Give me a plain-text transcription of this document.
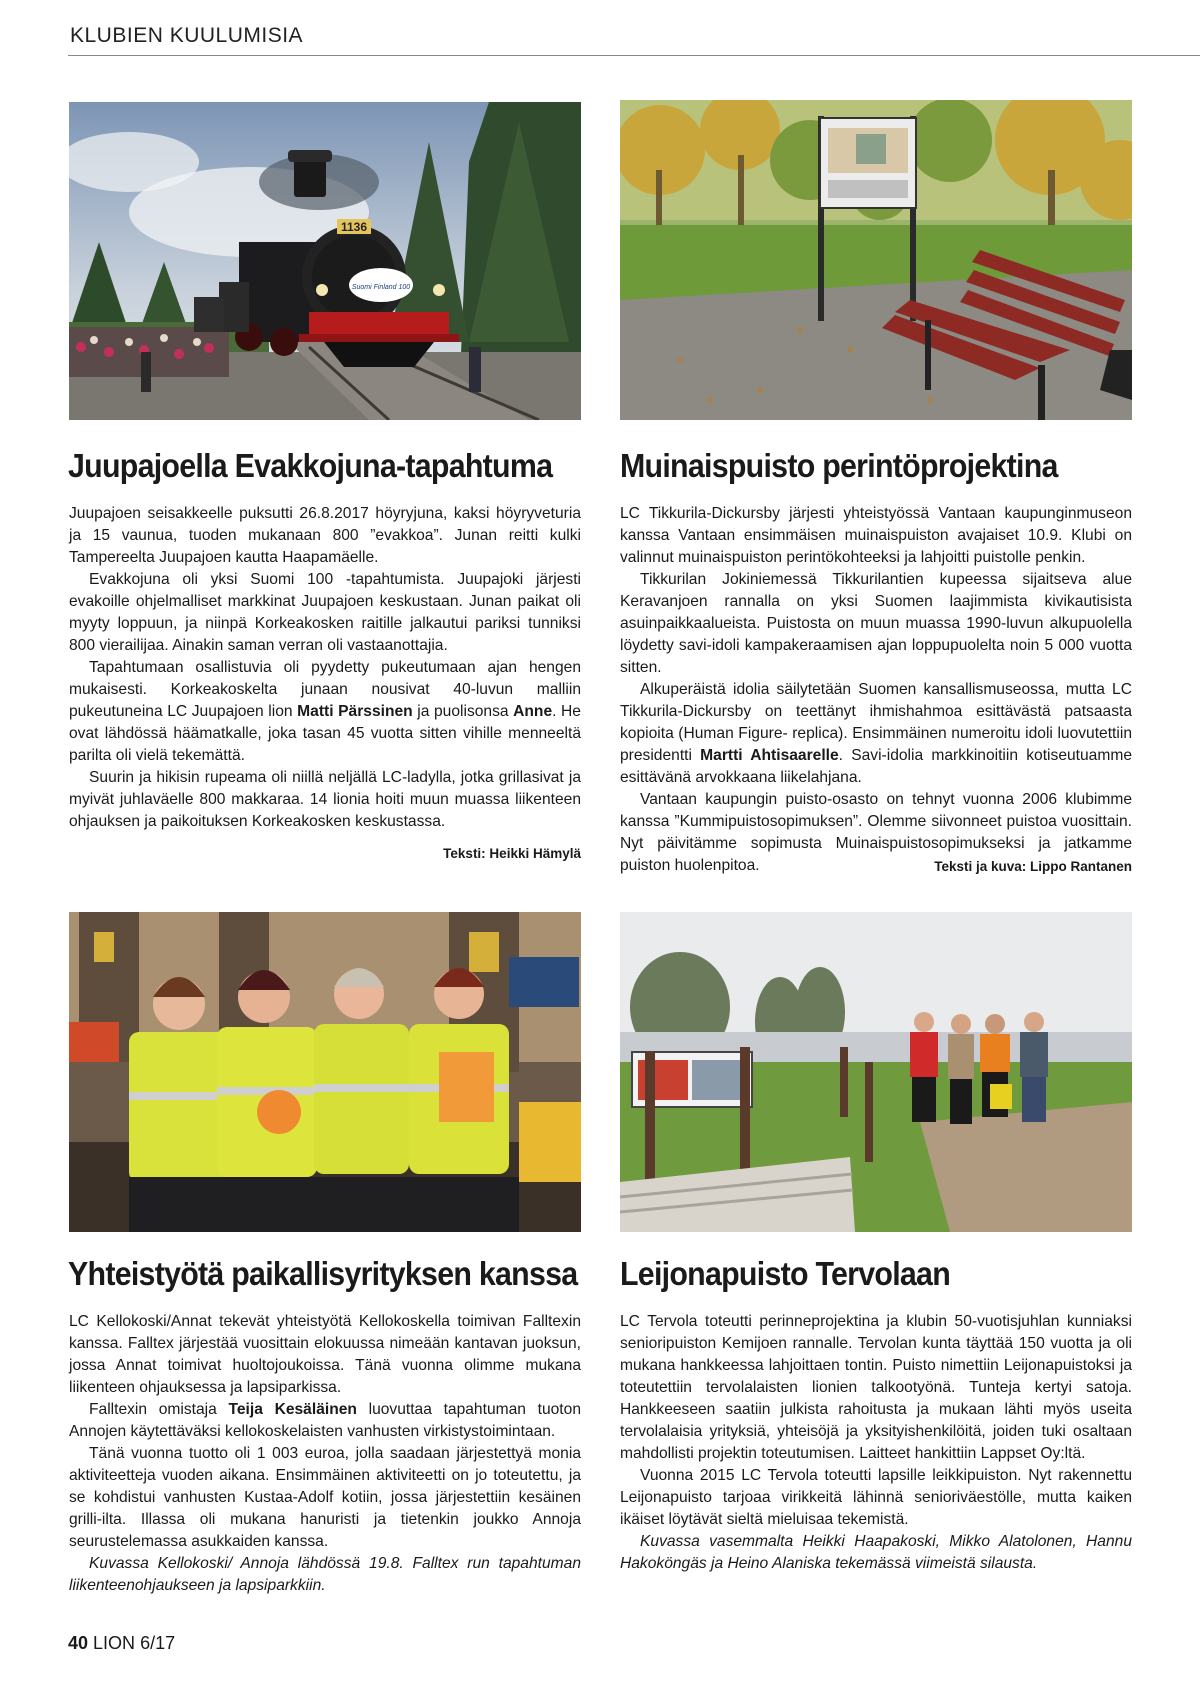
KLUBIEN KUULUMISIA
1136
Suomi Finland 100
Juupajoella Evakkojuna-tapahtuma

Juupajoen seisakkeelle puksutti 26.8.2017 höyryjuna, kaksi höyryveturia ja 15 vaunua, tuoden mukanaan 800 ”evakkoa”. Junan reitti kulki Tampereelta Juupajoen kautta Haapamäelle.

Evakkojuna oli yksi Suomi 100 -tapahtumista. Juupajoki järjesti evakoille ohjelmalliset markkinat Juupajoen keskustaan. Junan paikat oli myyty loppuun, ja niinpä Korkeakosken raitille jalkautui pariksi tunniksi 800 vierailijaa. Ainakin saman verran oli vastaanottajia.

Tapahtumaan osallistuvia oli pyydetty pukeutumaan ajan hengen mukaisesti. Korkeakoskelta junaan nousivat 40-luvun malliin pukeutuneina LC Juupajoen lion Matti Pärssinen ja puolisonsa Anne. He ovat lähdössä häämatkalle, joka tasan 45 vuotta sitten vihille menneeltä parilta oli vielä tekemättä.

Suurin ja hikisin rupeama oli niillä neljällä LC-ladylla, jotka grillasivat ja myivät juhlaväelle 800 makkaraa. 14 lionia hoiti muun muassa liikenteen ohjauksen ja paikoituksen Korkeakosken keskustassa.

Teksti: Heikki Hämylä
Muinaispuisto perintöprojektina

LC Tikkurila-Dickursby järjesti yhteistyössä Vantaan kaupunginmuseon kanssa Vantaan ensimmäisen muinaispuiston avajaiset 10.9. Klubi on valinnut muinaispuiston perintökohteeksi ja lahjoitti puistolle penkin.

Tikkurilan Jokiniemessä Tikkurilantien kupeessa sijaitseva alue Keravanjoen rannalla on yksi Suomen laajimmista kivikautisista asuinpaikkaalueista. Puistosta on muun muassa 1990-luvun alkupuolella löydetty savi-idoli kampakeraamisen ajan loppupuolelta noin 5 000 vuotta sitten.

Alkuperäistä idolia säilytetään Suomen kansallismuseossa, mutta LC Tikkurila-Dickursby on teettänyt ihmishahmoa esittävästä patsaasta kopioita (Human Figure- replica). Ensimmäinen numeroitu idoli luovutettiin presidentti Martti Ahtisaarelle. Savi-idolia markkinoitiin kotiseutuamme esittävänä arvokkaana liikelahjana.

Vantaan kaupungin puisto-osasto on tehnyt vuonna 2006 klubimme kanssa ”Kummipuistosopimuksen”. Olemme siivonneet puistoa vuosittain. Nyt päivitämme sopimusta Muinaispuistosopimukseksi ja jatkamme puiston huolenpitoa.	Teksti ja kuva: Lippo Rantanen
Yhteistyötä paikallisyrityksen kanssa

LC Kellokoski/Annat tekevät yhteistyötä Kellokoskella toimivan Falltexin kanssa. Falltex järjestää vuosittain elokuussa nimeään kantavan juoksun, jossa Annat toimivat huoltojoukoissa. Tänä vuonna olimme mukana liikenteen ohjauksessa ja lapsiparkissa.

Falltexin omistaja Teija Kesäläinen luovuttaa tapahtuman tuoton Annojen käytettäväksi kellokoskelaisten vanhusten virkistystoimintaan.

Tänä vuonna tuotto oli 1 003 euroa, jolla saadaan järjestettyä monia aktiviteetteja vuoden aikana. Ensimmäinen aktiviteetti on jo toteutettu, ja se kohdistui vanhusten Kustaa-Adolf kotiin, jossa järjestettiin kesäinen grilli-ilta. Illassa oli mukana hanuristi ja tietenkin joukko Annoja seurustelemassa asukkaiden kanssa.

Kuvassa Kellokoski/ Annoja lähdössä 19.8. Falltex run tapahtuman liikenteenohjaukseen ja lapsiparkkiin.

Leijonapuisto Tervolaan

LC Tervola toteutti perinneprojektina ja klubin 50-vuotisjuhlan kunniaksi senioripuiston Kemijoen rannalle. Tervolan kunta täyttää 150 vuotta ja oli mukana hankkeessa lahjoittaen tontin. Puisto nimettiin Leijonapuistoksi ja toteutettiin tervolalaisten lionien talkootyönä. Tunteja kertyi satoja. Hankkeeseen saatiin julkista rahoitusta ja mukaan lähti myös useita tervolalaisia yrityksiä, yhteisöjä ja yksityishenkilöitä, joiden tuki osaltaan mahdollisti projektin toteutumisen. Laitteet hankittiin Lappset Oy:ltä.

Vuonna 2015 LC Tervola toteutti lapsille leikkipuiston. Nyt rakennettu Leijonapuisto tarjoaa virikkeitä lähinnä senioriväestölle, mutta kaiken ikäiset löytävät sieltä mieluisaa tekemistä.

Kuvassa vasemmalta Heikki Haapakoski, Mikko Alatolonen, Hannu Hakoköngäs ja Heino Alaniska tekemässä viimeistä silausta.

40 LION 6/17
